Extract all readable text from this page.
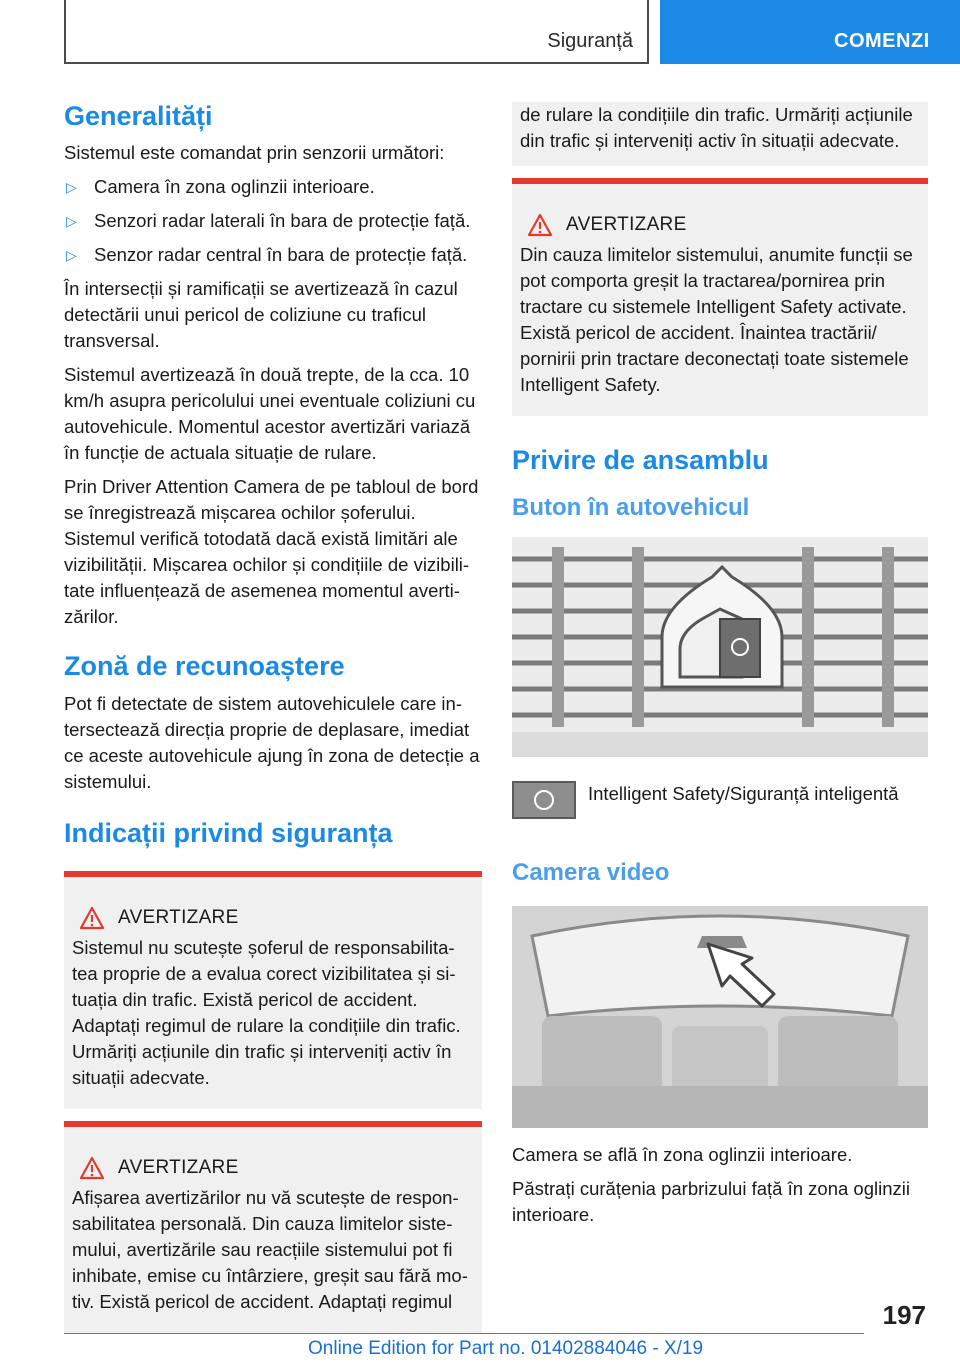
Siguranță	COMENZI
Generalități

Sistemul este comandat prin senzorii următori:

▷ Camera în zona oglinzii interioare.
▷ Senzori radar laterali în bara de protecție față.
▷ Senzor radar central în bara de protecție față.

În intersecții și ramificații se avertizează în cazul detectării unui pericol de coliziune cu traficul transversal.

Sistemul avertizează în două trepte, de la cca. 10 km/h asupra pericolului unei eventuale coliziuni cu autovehicule. Momentul acestor avertizări variază în funcție de actuala situație de rulare.

Prin Driver Attention Camera de pe tabloul de bord se înregistrează mișcarea ochilor șoferului. Sistemul verifică totodată dacă există limitări ale vizibilității. Mișcarea ochilor și condițiile de vizibilitate influențează de asemenea momentul avertizărilor.

Zonă de recunoaștere

Pot fi detectate de sistem autovehiculele care intersectează direcția proprie de deplasare, imediat ce aceste autovehicule ajung în zona de detecție a sistemului.

Indicații privind siguranța
AVERTIZARE

Sistemul nu scutește șoferul de responsabilitatea proprie de a evalua corect vizibilitatea și situația din trafic. Există pericol de accident. Adaptați regimul de rulare la condițiile din trafic. Urmăriți acțiunile din trafic și interveniți activ în situații adecvate.

AVERTIZARE

Afișarea avertizărilor nu vă scutește de responsabilitatea personală. Din cauza limitelor sistemului, avertizările sau reacțiile sistemului pot fi inhibate, emise cu întârziere, greșit sau fără motiv. Există pericol de accident. Adaptați regimul

de rulare la condițiile din trafic. Urmăriți acțiunile din trafic și interveniți activ în situații adecvate.

AVERTIZARE

Din cauza limitelor sistemului, anumite funcții se pot comporta greșit la tractarea/pornirea prin tractare cu sistemele Intelligent Safety activate. Există pericol de accident. Înaintea tractării/ pornirii prin tractare deconectați toate sistemele Intelligent Safety.

Privire de ansamblu
Buton în autovehicul

Intelligent Safety/Siguranță inteligentă

Camera video

Camera se află în zona oglinzii interioare.

Păstrați curățenia parbrizului față în zona oglinzii interioare.

197
Online Edition for Part no. 01402884046 - X/19
